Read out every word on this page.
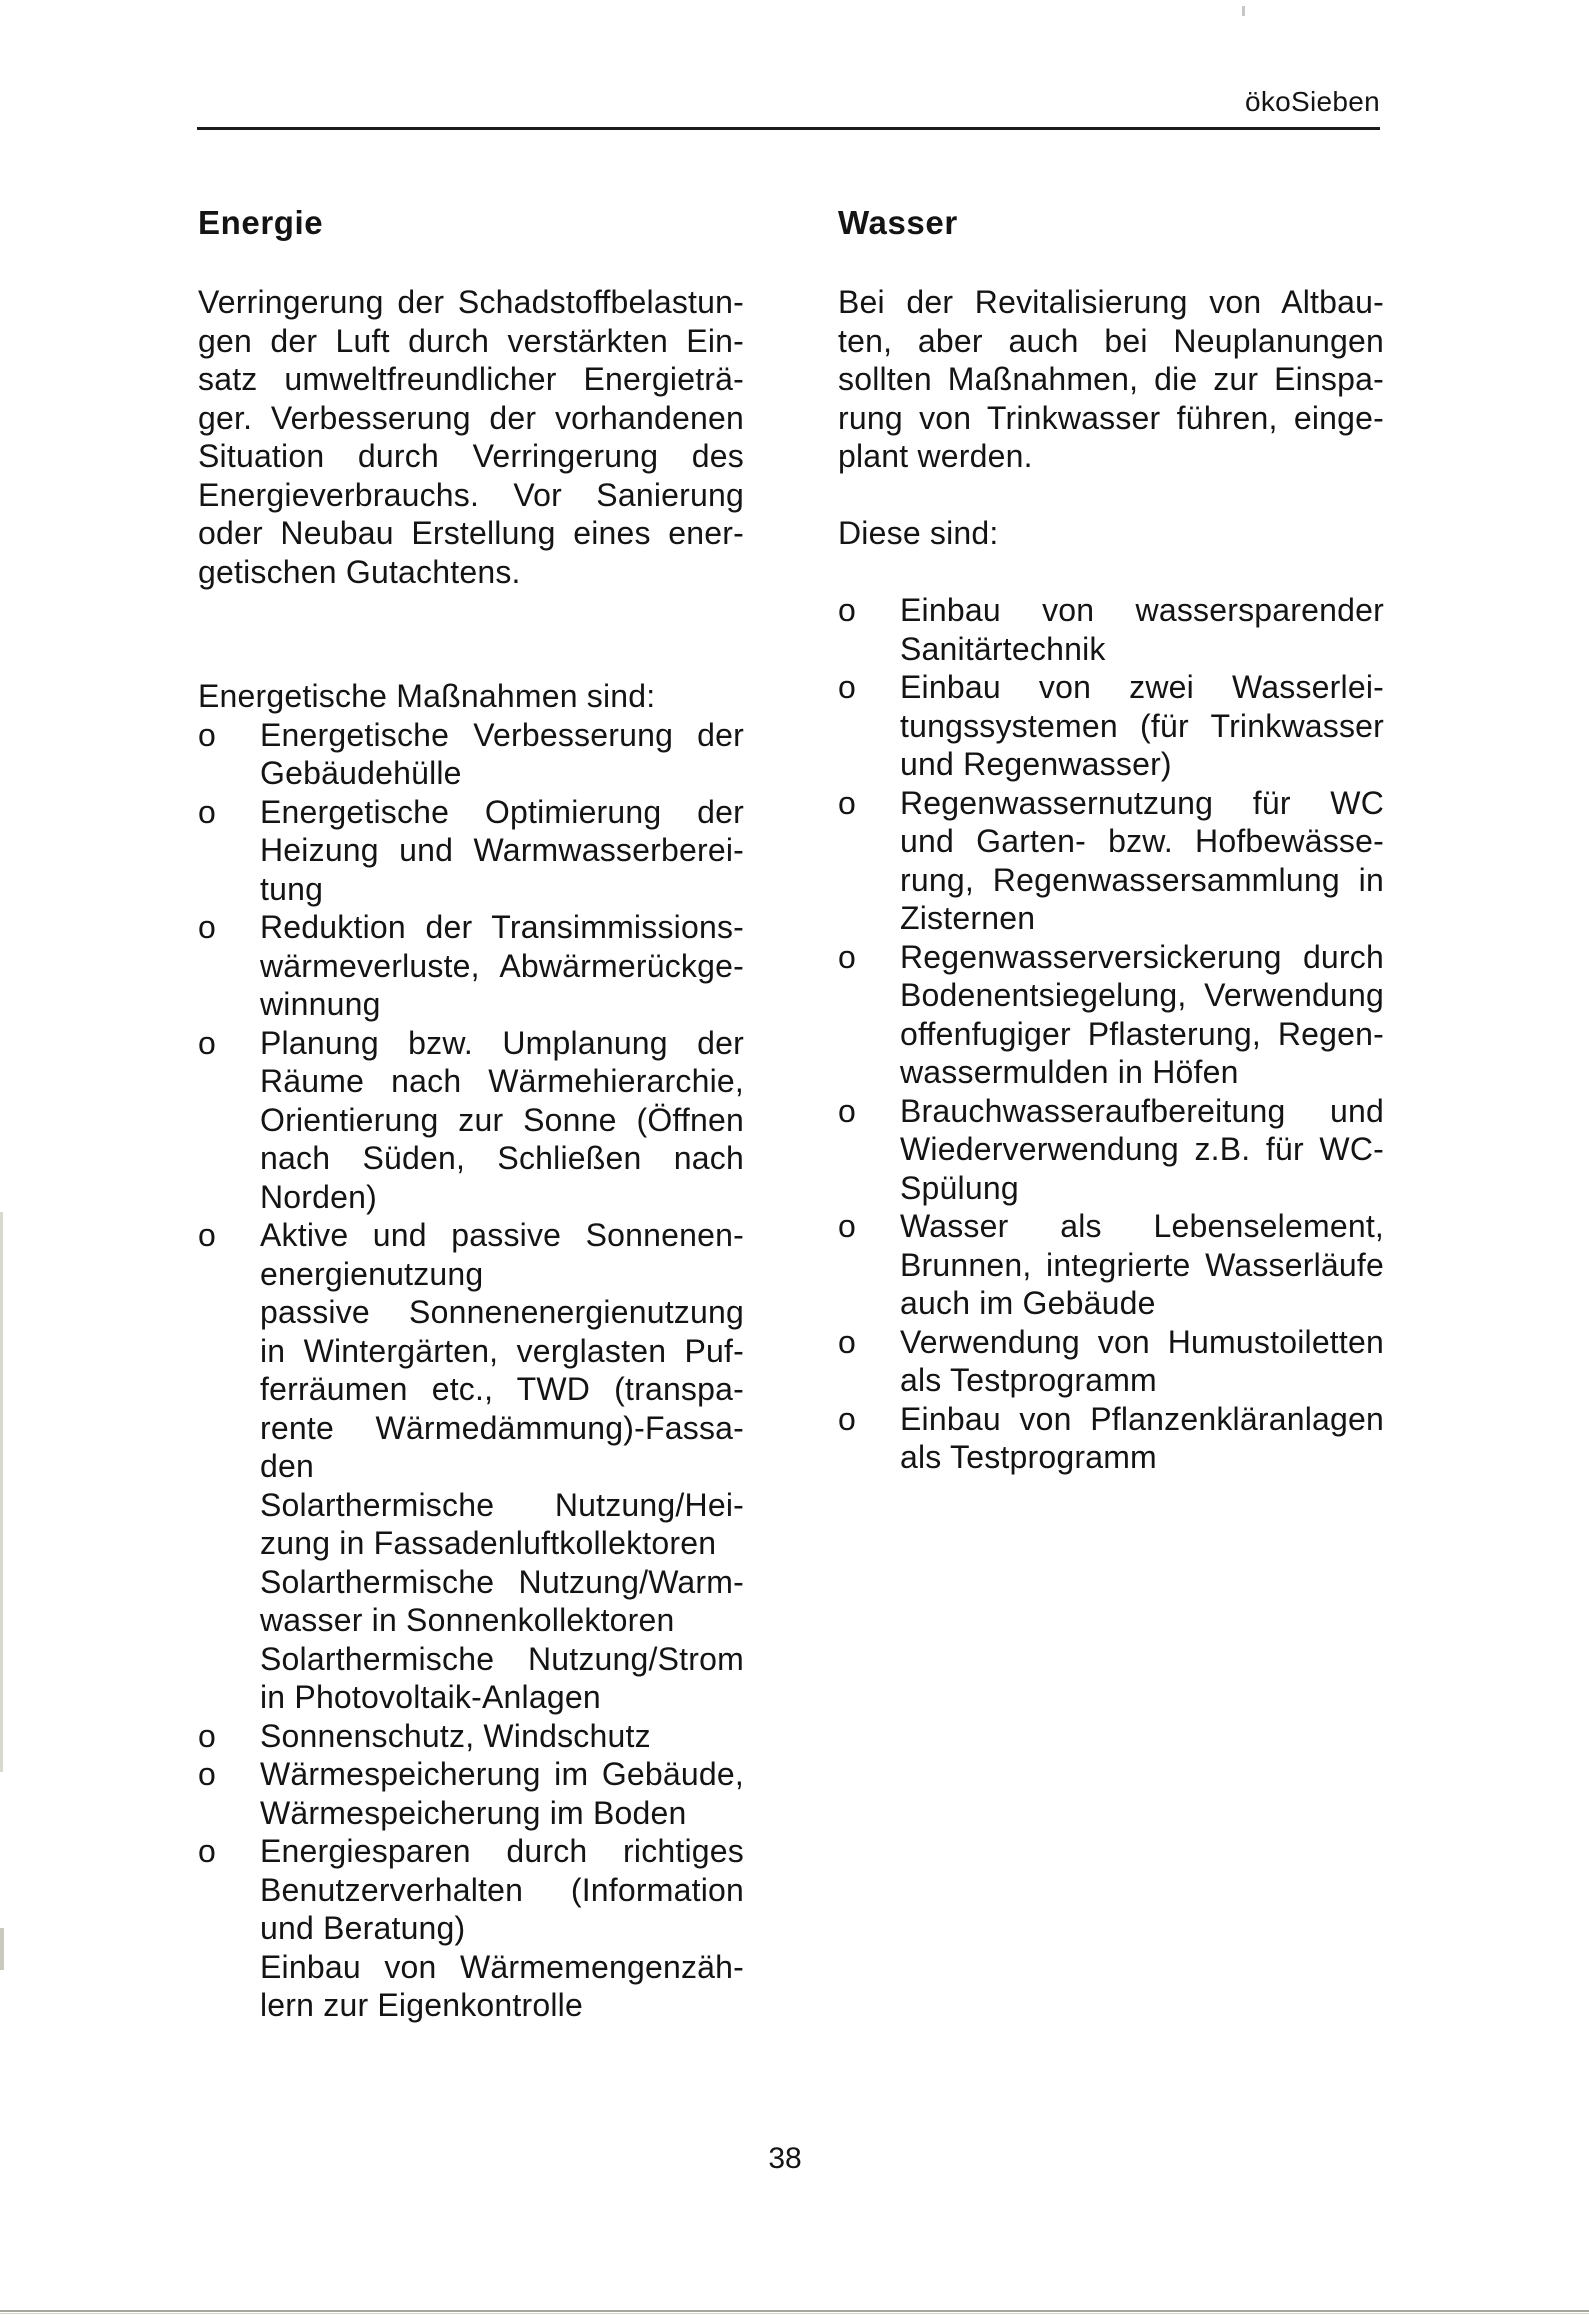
ökoSieben
Energie
Verringerung der Schadstoffbelastun-
gen der Luft durch verstärkten Ein-
satz umweltfreundlicher Energieträ-
ger. Verbesserung der vorhandenen
Situation durch Verringerung des
Energieverbrauchs. Vor Sanierung
oder Neubau Erstellung eines ener-
getischen Gutachtens.
Energetische Maßnahmen sind:
o Energetische Verbesserung der
Gebäudehülle
o Energetische Optimierung der
Heizung und Warmwasserberei-
tung
o Reduktion der Transimmissions-
wärmeverluste, Abwärmerückge-
winnung
o Planung bzw. Umplanung der
Räume nach Wärmehierarchie,
Orientierung zur Sonne (Öffnen
nach Süden, Schließen nach
Norden)
o Aktive und passive Sonnenen-
energienutzung
passive Sonnenenergienutzung
in Wintergärten, verglasten Puf-
ferräumen etc., TWD (transpa-
rente Wärmedämmung)-Fassa-
den
Solarthermische Nutzung/Hei-
zung in Fassadenluftkollektoren
Solarthermische Nutzung/Warm-
wasser in Sonnenkollektoren
Solarthermische Nutzung/Strom
in Photovoltaik-Anlagen
o Sonnenschutz, Windschutz
o Wärmespeicherung im Gebäude,
Wärmespeicherung im Boden
o Energiesparen durch richtiges
Benutzerverhalten (Information
und Beratung)
Einbau von Wärmemengenzäh-
lern zur Eigenkontrolle
Wasser
Bei der Revitalisierung von Altbau-
ten, aber auch bei Neuplanungen
sollten Maßnahmen, die zur Einspa-
rung von Trinkwasser führen, einge-
plant werden.
Diese sind:
o Einbau von wassersparender
Sanitärtechnik
o Einbau von zwei Wasserlei-
tungssystemen (für Trinkwasser
und Regenwasser)
o Regenwassernutzung für WC
und Garten- bzw. Hofbewässe-
rung, Regenwassersammlung in
Zisternen
o Regenwasserversickerung durch
Bodenentsiegelung, Verwendung
offenfugiger Pflasterung, Regen-
wassermulden in Höfen
o Brauchwasseraufbereitung und
Wiederverwendung z.B. für WC-
Spülung
o Wasser als Lebenselement,
Brunnen, integrierte Wasserläufe
auch im Gebäude
o Verwendung von Humustoiletten
als Testprogramm
o Einbau von Pflanzenkläranlagen
als Testprogramm
38
